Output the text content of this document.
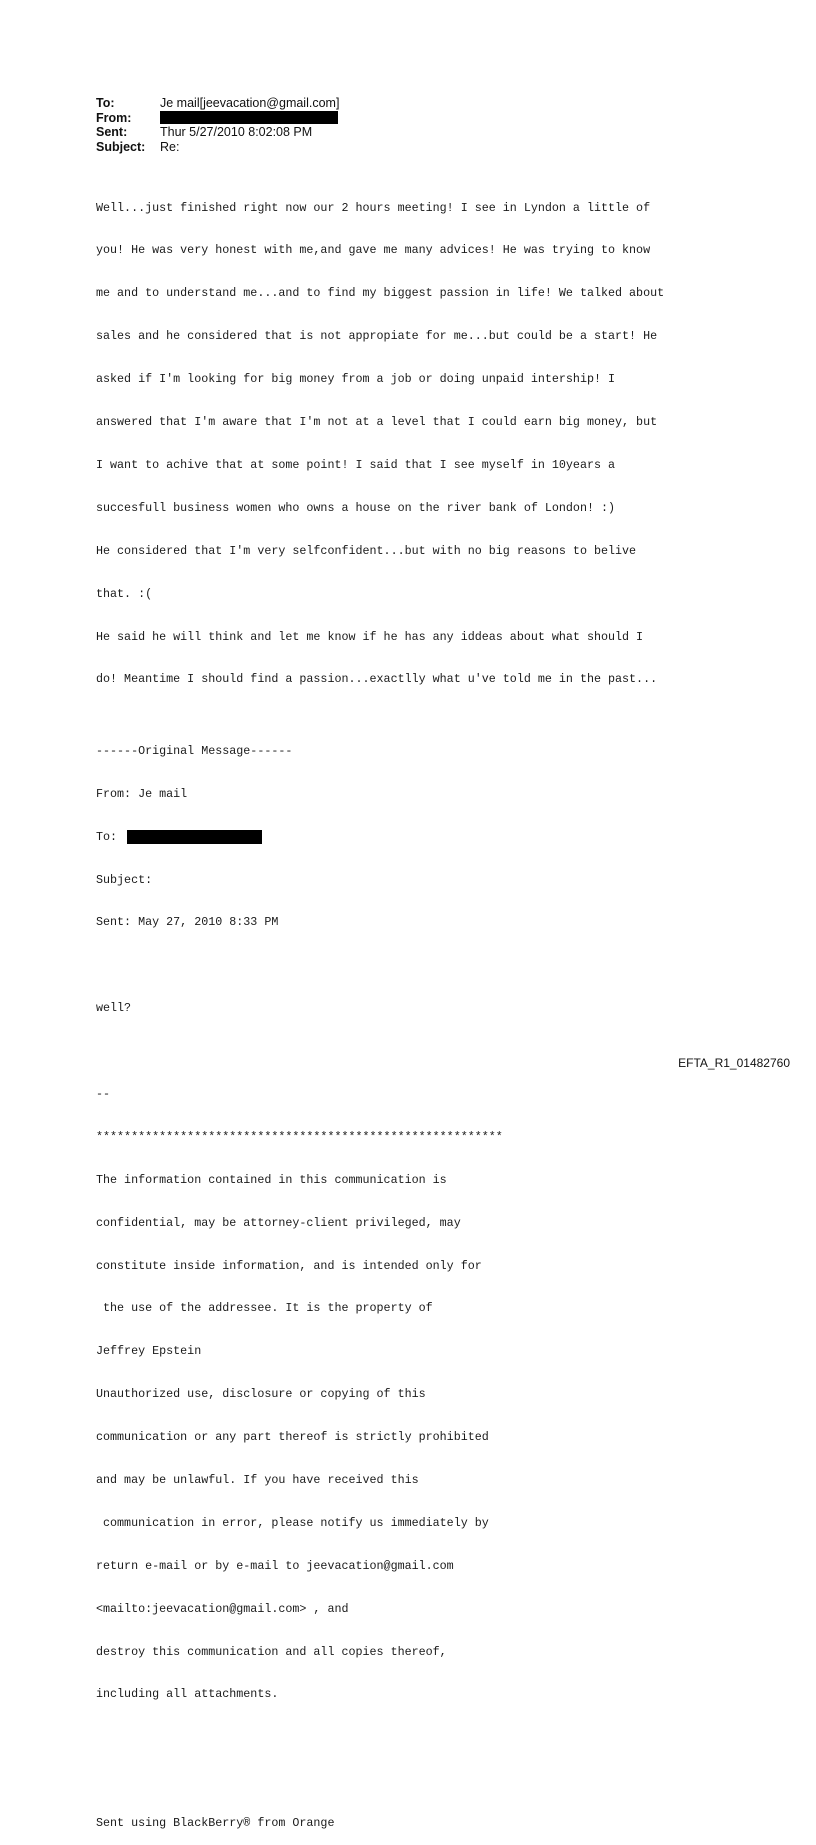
To:	Je mail[jeevacation@gmail.com]
From:
Sent:	Thur 5/27/2010 8:02:08 PM
Subject:	Re:

Well...just finished right now our 2 hours meeting! I see in Lyndon a little of

you! He was very honest with me,and gave me many advices! He was trying to know

me and to understand me...and to find my biggest passion in life! We talked about

sales and he considered that is not appropiate for me...but could be a start! He

asked if I'm looking for big money from a job or doing unpaid intership! I

answered that I'm aware that I'm not at a level that I could earn big money, but

I want to achive that at some point! I said that I see myself in 10years a

succesfull business women who owns a house on the river bank of London! :)

He considered that I'm very selfconfident...but with no big reasons to belive

that. :(

He said he will think and let me know if he has any iddeas about what should I

do! Meantime I should find a passion...exactlly what u've told me in the past...

------Original Message------

From: Je mail

To:

Subject:

Sent: May 27, 2010 8:33 PM

well?

--

**********************************************************

The information contained in this communication is

confidential, may be attorney-client privileged, may

constitute inside information, and is intended only for

the use of the addressee. It is the property of

Jeffrey Epstein

Unauthorized use, disclosure or copying of this

communication or any part thereof is strictly prohibited

and may be unlawful. If you have received this

communication in error, please notify us immediately by

return e-mail or by e-mail to jeevacation@gmail.com

<mailto:jeevacation@gmail.com> , and

destroy this communication and all copies thereof,

including all attachments.

Sent using BlackBerry® from Orange

EFTA_R1_01482760
